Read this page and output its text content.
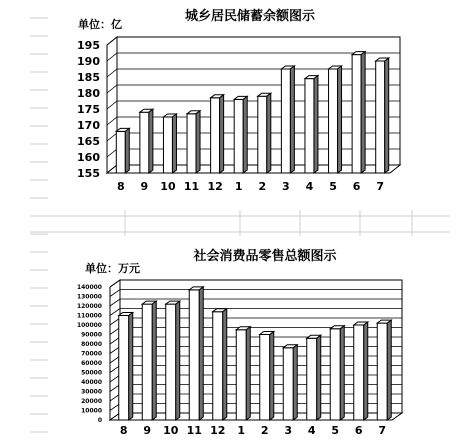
城乡居民储蓄余额图示
单位：亿
155
160
165
170
175
180
185
190
195
8 9 10 11 12 1 2 3 4 5 6 7
社会消费品零售总额图示
单位：万元
0
10000
20000
30000
40000
50000
60000
70000
80000
90000
100000
110000
120000
130000
140000
8 9 10 11 12 1 2 3 4 5 6 7
